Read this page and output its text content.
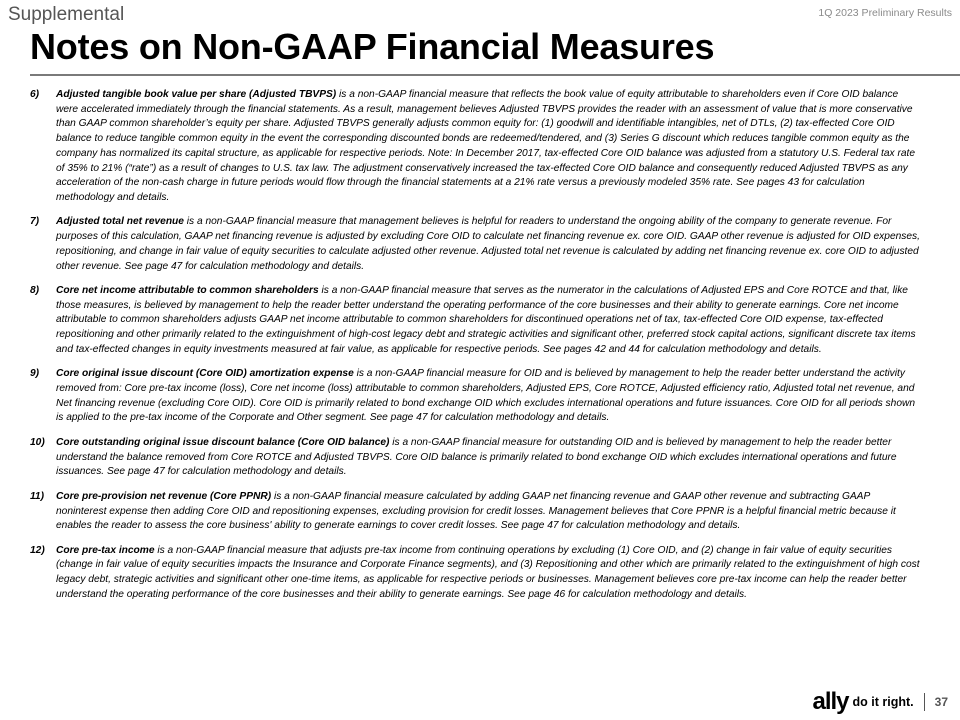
Supplemental	1Q 2023 Preliminary Results
Notes on Non-GAAP Financial Measures
6)	Adjusted tangible book value per share (Adjusted TBVPS) is a non-GAAP financial measure that reflects the book value of equity attributable to shareholders even if Core OID balance were accelerated immediately through the financial statements. As a result, management believes Adjusted TBVPS provides the reader with an assessment of value that is more conservative than GAAP common shareholder’s equity per share. Adjusted TBVPS generally adjusts common equity for: (1) goodwill and identifiable intangibles, net of DTLs, (2) tax-effected Core OID balance to reduce tangible common equity in the event the corresponding discounted bonds are redeemed/tendered, and (3) Series G discount which reduces tangible common equity as the company has normalized its capital structure, as applicable for respective periods. Note: In December 2017, tax-effected Core OID balance was adjusted from a statutory U.S. Federal tax rate of 35% to 21% (“rate”) as a result of changes to U.S. tax law. The adjustment conservatively increased the tax-effected Core OID balance and consequently reduced Adjusted TBVPS as any acceleration of the non-cash charge in future periods would flow through the financial statements at a 21% rate versus a previously modeled 35% rate. See pages 43 for calculation methodology and details.
7)	Adjusted total net revenue is a non-GAAP financial measure that management believes is helpful for readers to understand the ongoing ability of the company to generate revenue. For purposes of this calculation, GAAP net financing revenue is adjusted by excluding Core OID to calculate net financing revenue ex. core OID. GAAP other revenue is adjusted for OID expenses, repositioning, and change in fair value of equity securities to calculate adjusted other revenue. Adjusted total net revenue is calculated by adding net financing revenue ex. core OID to adjusted other revenue. See page 47 for calculation methodology and details.
8)	Core net income attributable to common shareholders is a non-GAAP financial measure that serves as the numerator in the calculations of Adjusted EPS and Core ROTCE and that, like those measures, is believed by management to help the reader better understand the operating performance of the core businesses and their ability to generate earnings. Core net income attributable to common shareholders adjusts GAAP net income attributable to common shareholders for discontinued operations net of tax, tax-effected Core OID expense, tax-effected repositioning and other primarily related to the extinguishment of high-cost legacy debt and strategic activities and significant other, preferred stock capital actions, significant discrete tax items and tax-effected changes in equity investments measured at fair value, as applicable for respective periods. See pages 42 and 44 for calculation methodology and details.
9)	Core original issue discount (Core OID) amortization expense is a non-GAAP financial measure for OID and is believed by management to help the reader better understand the activity removed from: Core pre-tax income (loss), Core net income (loss) attributable to common shareholders, Adjusted EPS, Core ROTCE, Adjusted efficiency ratio, Adjusted total net revenue, and Net financing revenue (excluding Core OID). Core OID is primarily related to bond exchange OID which excludes international operations and future issuances. Core OID for all periods shown is applied to the pre-tax income of the Corporate and Other segment. See page 47 for calculation methodology and details.
10)	Core outstanding original issue discount balance (Core OID balance) is a non-GAAP financial measure for outstanding OID and is believed by management to help the reader better understand the balance removed from Core ROTCE and Adjusted TBVPS. Core OID balance is primarily related to bond exchange OID which excludes international operations and future issuances. See page 47 for calculation methodology and details.
11)	Core pre-provision net revenue (Core PPNR) is a non-GAAP financial measure calculated by adding GAAP net financing revenue and GAAP other revenue and subtracting GAAP noninterest expense then adding Core OID and repositioning expenses, excluding provision for credit losses. Management believes that Core PPNR is a helpful financial metric because it enables the reader to assess the core business' ability to generate earnings to cover credit losses. See page 47 for calculation methodology and details.
12)	Core pre-tax income is a non-GAAP financial measure that adjusts pre-tax income from continuing operations by excluding (1) Core OID, and (2) change in fair value of equity securities (change in fair value of equity securities impacts the Insurance and Corporate Finance segments), and (3) Repositioning and other which are primarily related to the extinguishment of high cost legacy debt, strategic activities and significant other one-time items, as applicable for respective periods or businesses. Management believes core pre-tax income can help the reader better understand the operating performance of the core businesses and their ability to generate earnings. See page 46 for calculation methodology and details.
ally do it right. 37
